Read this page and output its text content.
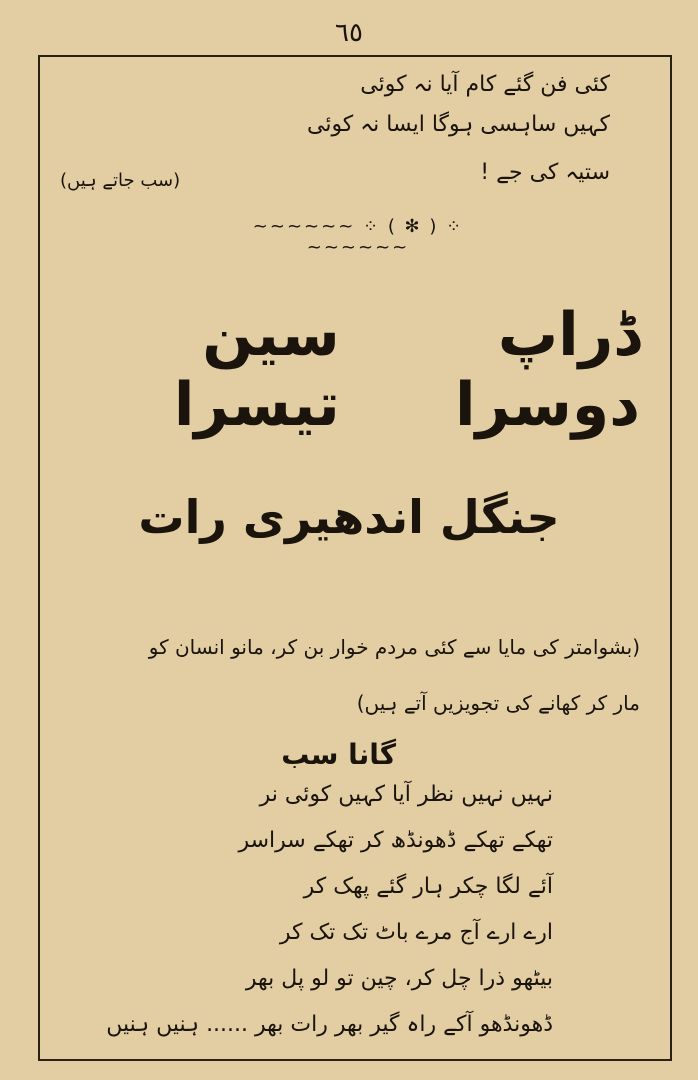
٦٥
کئی فن گئے کام آیا نہ کوئی
کہیں ساہسی ہوگا ایسا نہ کوئی
ستیہ کی جے !
(سب جاتے ہیں)
~~~~~~ ⁘ ( ✻ ) ⁘ ~~~~~~
ڈراپ دوسرا
سین تیسرا
جنگل اندھیری رات
(بشوامتر کی مایا سے کئی مردم خوار بن کر، مانو انسان کو
مار کر کھانے کی تجویزیں آتے ہیں)
گانا سب
نہیں نہیں نظر آیا کہیں کوئی نر
تھکے تھکے ڈھونڈھ کر تھکے سراسر
آئے لگا چکر ہار گئے پھک کر
ارے ارے آج مرے باٹ تک تک کر
بیٹھو ذرا چل کر، چین تو لو پل بھر
ڈھونڈھو آکے راہ گیر بھر رات بھر ...... ہنیں ہنیں
